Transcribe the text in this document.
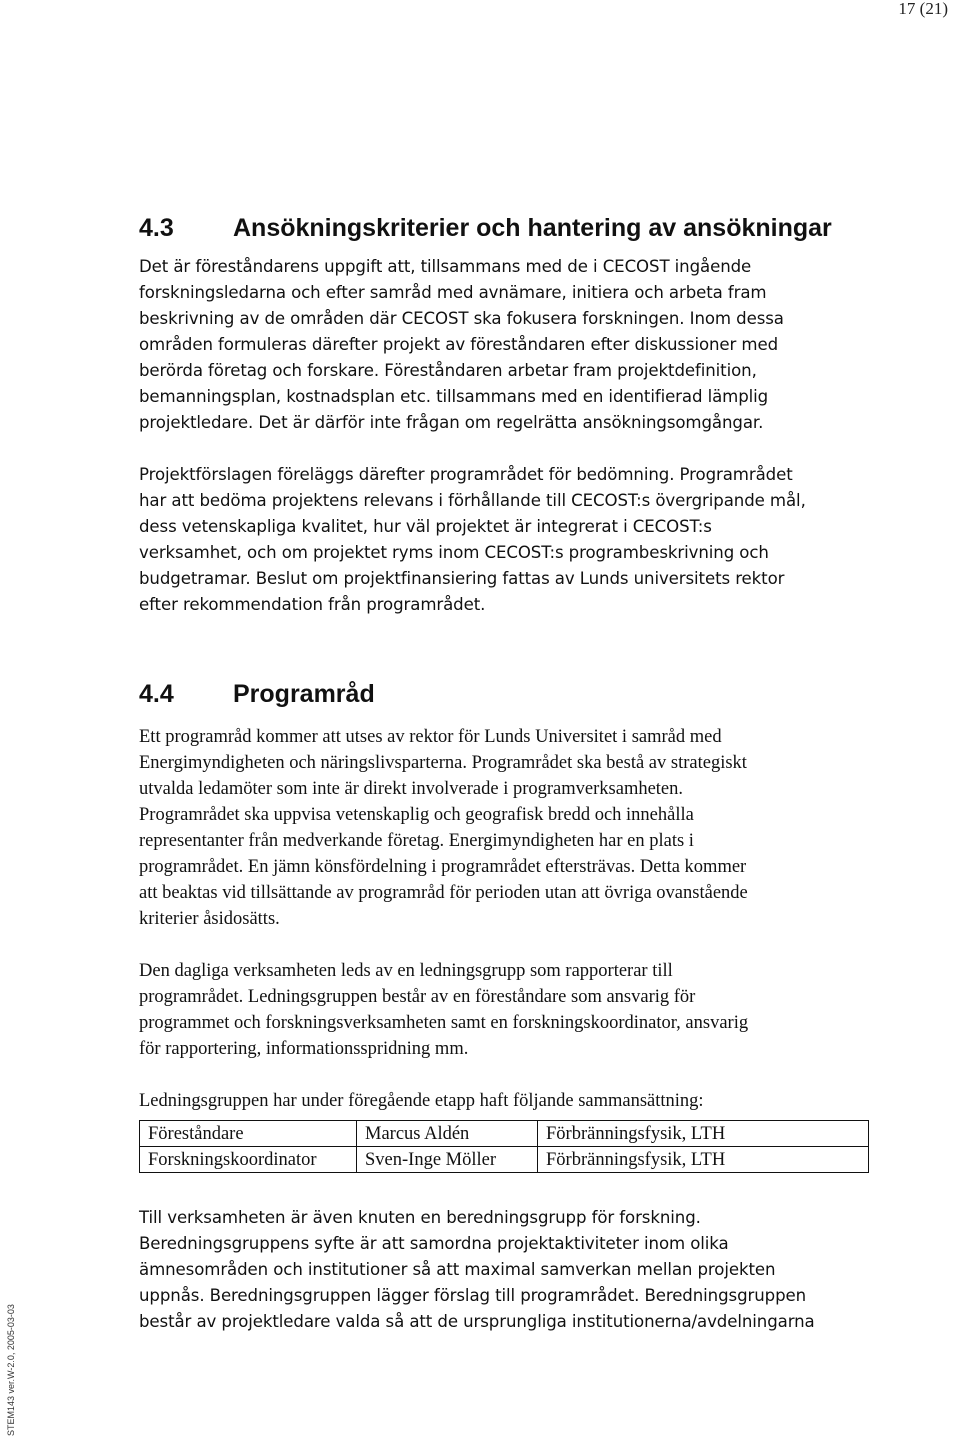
17 (21)
STEM143 ver.W-2.0, 2005-03-03
4.3	Ansökningskriterier och hantering av ansökningar

Det är föreståndarens uppgift att, tillsammans med de i CECOST ingående
forskningsledarna och efter samråd med avnämare, initiera och arbeta fram
beskrivning av de områden där CECOST ska fokusera forskningen. Inom dessa
områden formuleras därefter projekt av föreståndaren efter diskussioner med
berörda företag och forskare. Föreståndaren arbetar fram projektdefinition,
bemanningsplan, kostnadsplan etc. tillsammans med en identifierad lämplig
projektledare. Det är därför inte frågan om regelrätta ansökningsomgångar.

Projektförslagen föreläggs därefter programrådet för bedömning. Programrådet
har att bedöma projektens relevans i förhållande till CECOST:s övergripande mål,
dess vetenskapliga kvalitet, hur väl projektet är integrerat i CECOST:s
verksamhet, och om projektet ryms inom CECOST:s programbeskrivning och
budgetramar. Beslut om projektfinansiering fattas av Lunds universitets rektor
efter rekommendation från programrådet.

4.4	Programråd

Ett programråd kommer att utses av rektor för Lunds Universitet i samråd med
Energimyndigheten och näringslivsparterna. Programrådet ska bestå av strategiskt
utvalda ledamöter som inte är direkt involverade i programverksamheten.
Programrådet ska uppvisa vetenskaplig och geografisk bredd och innehålla
representanter från medverkande företag. Energimyndigheten har en plats i
programrådet. En jämn könsfördelning i programrådet eftersträvas. Detta kommer
att beaktas vid tillsättande av programråd för perioden utan att övriga ovanstående
kriterier åsidosätts.

Den dagliga verksamheten leds av en ledningsgrupp som rapporterar till
programrådet. Ledningsgruppen består av en föreståndare som ansvarig för
programmet och forskningsverksamheten samt en forskningskoordinator, ansvarig
för rapportering, informationsspridning mm.

Ledningsgruppen har under föregående etapp haft följande sammansättning:

Föreståndare	Marcus Aldén	Förbränningsfysik, LTH
Forskningskoordinator	Sven-Inge Möller	Förbränningsfysik, LTH

Till verksamheten är även knuten en beredningsgrupp för forskning.
Beredningsgruppens syfte är att samordna projektaktiviteter inom olika
ämnesområden och institutioner så att maximal samverkan mellan projekten
uppnås. Beredningsgruppen lägger förslag till programrådet. Beredningsgruppen
består av projektledare valda så att de ursprungliga institutionerna/avdelningarna
